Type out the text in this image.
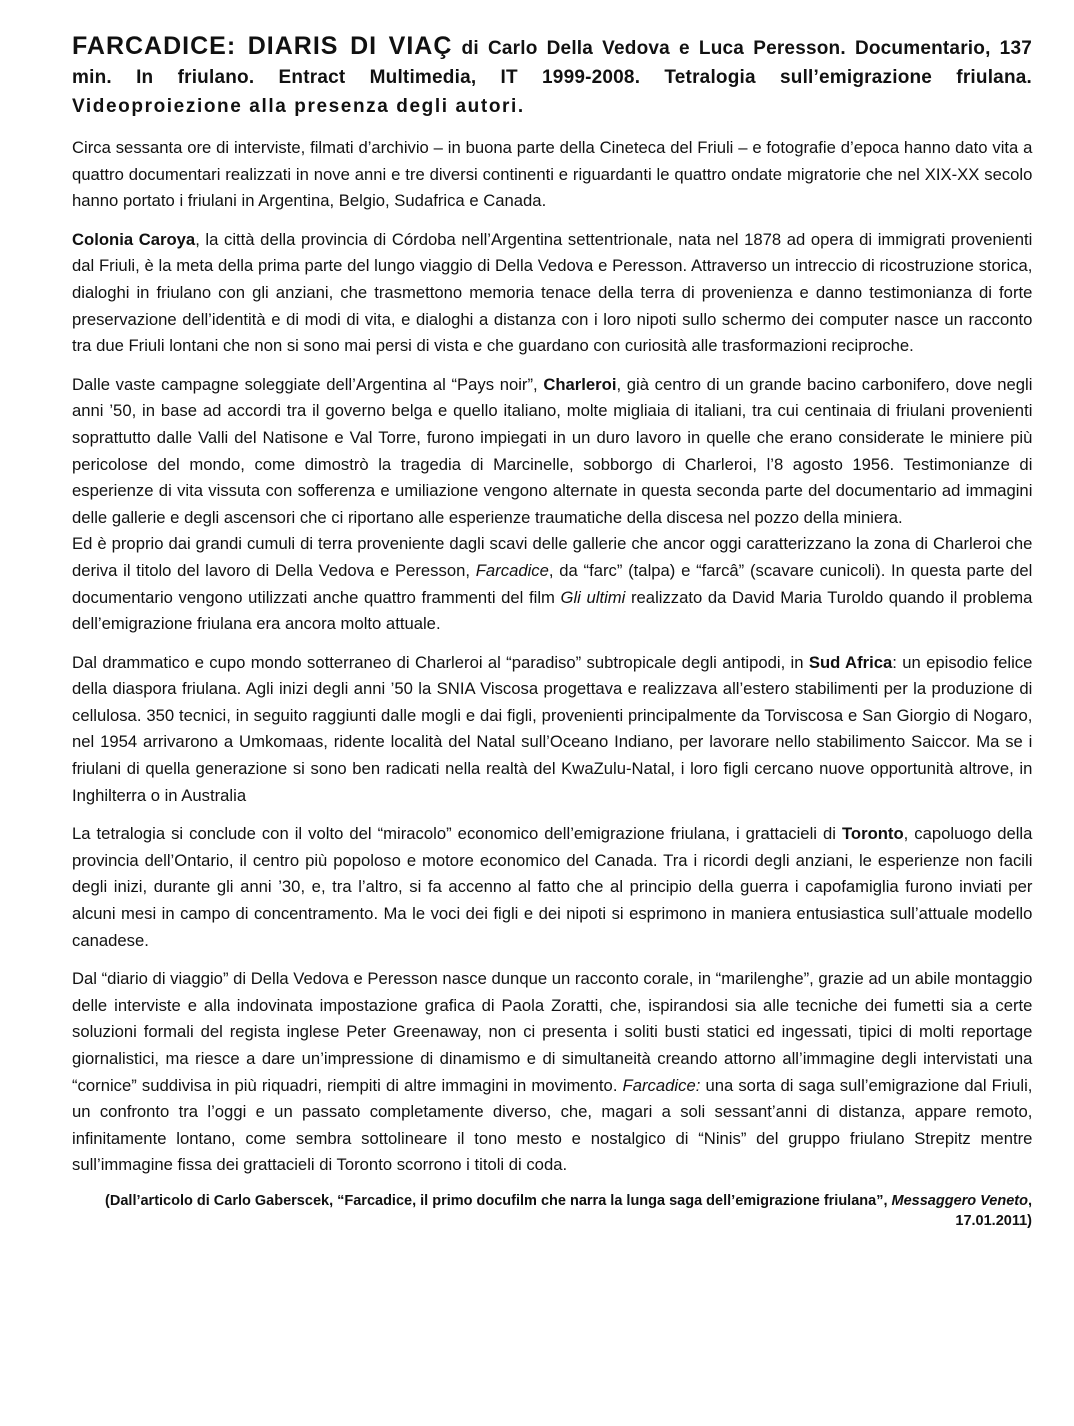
FARCADICE: DIARIS DI VIAÇ di Carlo Della Vedova e Luca Peresson. Documentario, 137 min. In friulano. Entract Multimedia, IT 1999-2008. Tetralogia sull’emigrazione friulana. Videoproiezione alla presenza degli autori.

Circa sessanta ore di interviste, filmati d’archivio – in buona parte della Cineteca del Friuli – e fotografie d’epoca hanno dato vita a quattro documentari realizzati in nove anni e tre diversi continenti e riguardanti le quattro ondate migratorie che nel XIX-XX secolo hanno portato i friulani in Argentina, Belgio, Sudafrica e Canada.

Colonia Caroya, la città della provincia di Córdoba nell’Argentina settentrionale, nata nel 1878 ad opera di immigrati provenienti dal Friuli, è la meta della prima parte del lungo viaggio di Della Vedova e Peresson. Attraverso un intreccio di ricostruzione storica, dialoghi in friulano con gli anziani, che trasmettono memoria tenace della terra di provenienza e danno testimonianza di forte preservazione dell’identità e di modi di vita, e dialoghi a distanza con i loro nipoti sullo schermo dei computer nasce un racconto tra due Friuli lontani che non si sono mai persi di vista e che guardano con curiosità alle trasformazioni reciproche.

Dalle vaste campagne soleggiate dell’Argentina al “Pays noir”, Charleroi, già centro di un grande bacino carbonifero, dove negli anni ’50, in base ad accordi tra il governo belga e quello italiano, molte migliaia di italiani, tra cui centinaia di friulani provenienti soprattutto dalle Valli del Natisone e Val Torre, furono impiegati in un duro lavoro in quelle che erano considerate le miniere più pericolose del mondo, come dimostrò la tragedia di Marcinelle, sobborgo di Charleroi, l’8 agosto 1956. Testimonianze di esperienze di vita vissuta con sofferenza e umiliazione vengono alternate in questa seconda parte del documentario ad immagini delle gallerie e degli ascensori che ci riportano alle esperienze traumatiche della discesa nel pozzo della miniera.

Ed è proprio dai grandi cumuli di terra proveniente dagli scavi delle gallerie che ancor oggi caratterizzano la zona di Charleroi che deriva il titolo del lavoro di Della Vedova e Peresson, Farcadice, da “farc” (talpa) e “farcâ” (scavare cunicoli). In questa parte del documentario vengono utilizzati anche quattro frammenti del film Gli ultimi realizzato da David Maria Turoldo quando il problema dell’emigrazione friulana era ancora molto attuale.

Dal drammatico e cupo mondo sotterraneo di Charleroi al “paradiso” subtropicale degli antipodi, in Sud Africa: un episodio felice della diaspora friulana. Agli inizi degli anni ’50 la SNIA Viscosa progettava e realizzava all’estero stabilimenti per la produzione di cellulosa. 350 tecnici, in seguito raggiunti dalle mogli e dai figli, provenienti principalmente da Torviscosa e San Giorgio di Nogaro, nel 1954 arrivarono a Umkomaas, ridente località del Natal sull’Oceano Indiano, per lavorare nello stabilimento Saiccor. Ma se i friulani di quella generazione si sono ben radicati nella realtà del KwaZulu-Natal, i loro figli cercano nuove opportunità altrove, in Inghilterra o in Australia

La tetralogia si conclude con il volto del “miracolo” economico dell’emigrazione friulana, i grattacieli di Toronto, capoluogo della provincia dell’Ontario, il centro più popoloso e motore economico del Canada. Tra i ricordi degli anziani, le esperienze non facili degli inizi, durante gli anni ’30, e, tra l’altro, si fa accenno al fatto che al principio della guerra i capofamiglia furono inviati per alcuni mesi in campo di concentramento. Ma le voci dei figli e dei nipoti si esprimono in maniera entusiastica sull’attuale modello canadese.

Dal “diario di viaggio” di Della Vedova e Peresson nasce dunque un racconto corale, in “marilenghe”, grazie ad un abile montaggio delle interviste e alla indovinata impostazione grafica di Paola Zoratti, che, ispirandosi sia alle tecniche dei fumetti sia a certe soluzioni formali del regista inglese Peter Greenaway, non ci presenta i soliti busti statici ed ingessati, tipici di molti reportage giornalistici, ma riesce a dare un’impressione di dinamismo e di simultaneità creando attorno all’immagine degli intervistati una “cornice” suddivisa in più riquadri, riempiti di altre immagini in movimento. Farcadice: una sorta di saga sull’emigrazione dal Friuli, un confronto tra l’oggi e un passato completamente diverso, che, magari a soli sessant’anni di distanza, appare remoto, infinitamente lontano, come sembra sottolineare il tono mesto e nostalgico di “Ninis” del gruppo friulano Strepitz mentre sull’immagine fissa dei grattacieli di Toronto scorrono i titoli di coda.

(Dall’articolo di Carlo Gaberscek, “Farcadice, il primo docufilm che narra la lunga saga dell’emigrazione friulana”, Messaggero Veneto, 17.01.2011)
